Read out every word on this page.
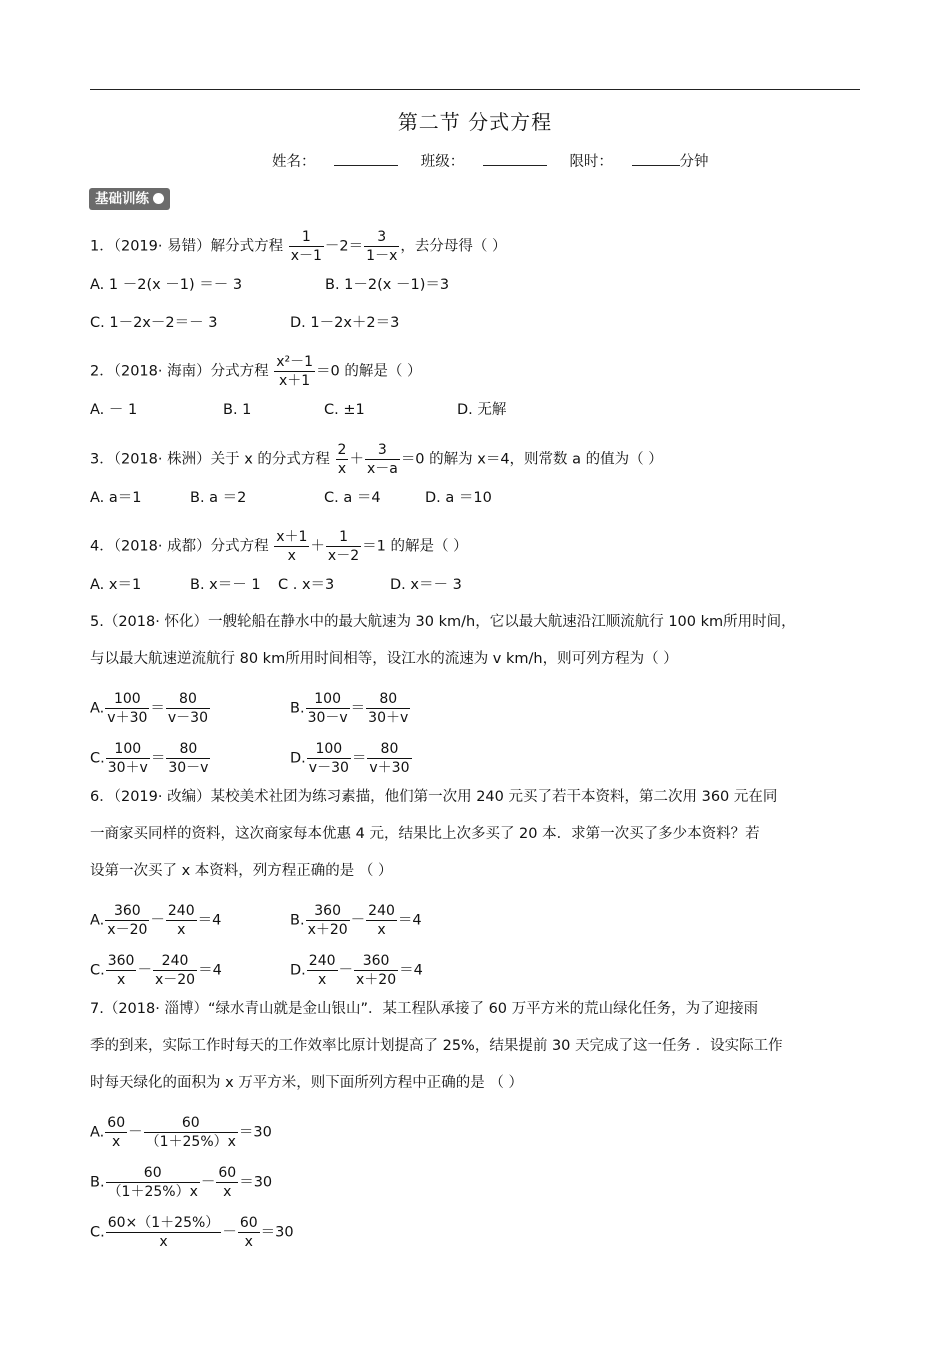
第二节 分式方程
姓名：	班级：	限时：	分钟
基础训练
1．（2019· 易错）解分式方程 $\frac{1}{x-1} -2= \frac{3}{1-x}$ ，去分母得（ ）
A. 1 －2(x －1) ＝－ 3	B. 1－2(x －1)＝3
C. 1－2x－2＝－ 3	D. 1－2x＋2＝3
2．（2018· 海南）分式方程 $\frac{\text{x²－1}}{x+1} =0$ 的解是（ ）
A. － 1	B. 1	C. ±1	D. 无解
3．（2018· 株洲）关于 x 的分式方程 $\frac{2}{x} + \frac{3}{x-a} =0$ 的解为 x＝4，则常数 a 的值为（ ）
A. a＝1	B. a ＝2	C. a ＝4	D. a ＝10
4．（2018· 成都）分式方程 $\frac{x+1}{x} + \frac{1}{x-2} =1$ 的解是（ ）
A. x＝1	B. x＝－ 1 C . x＝3	D. x＝－ 3
5.（2018· 怀化）一艘轮船在静水中的最大航速为 30 km/h，它以最大航速沿江顺流航行 100 km所用时间，
与以最大航速逆流航行 80 km所用时间相等，设江水的流速为 v km/h，则可列方程为（ ）
A. $\frac{100}{v+30} = \frac{80}{v-30}$	B. $\frac{100}{30-v} = \frac{80}{30+v}$
C. $\frac{100}{30+v} = \frac{80}{30-v}$	D. $\frac{100}{v-30} = \frac{80}{v+30}$
6．（2019· 改编）某校美术社团为练习素描，他们第一次用 240 元买了若干本资料，第二次用 360 元在同
一商家买同样的资料，这次商家每本优惠 4 元，结果比上次多买了 20 本．求第一次买了多少本资料？若
设第一次买了 x 本资料，列方程正确的是 （ ）
A. $\frac{360}{x-20} - \frac{240}{x} =4$	B. $\frac{360}{x+20} - \frac{240}{x} =4$
C. $\frac{360}{x} - \frac{240}{x-20} =4$	D. $\frac{240}{x} - \frac{360}{x+20} =4$
7.（2018· 淄博）“绿水青山就是金山银山”．某工程队承接了 60 万平方米的荒山绿化任务，为了迎接雨
季的到来，实际工作时每天的工作效率比原计划提高了 25%，结果提前 30 天完成了这一任务 ．设实际工作
时每天绿化的面积为 x 万平方米，则下面所列方程中正确的是 （ ）
A. $\frac{60}{x} - \frac{60}{(1+25\%)x} =30$
B. $\frac{60}{(1+25\%)x} - \frac{60}{x} =30$
C. $\frac{60\times(1+25\%)}{x} - \frac{60}{x} =30$
